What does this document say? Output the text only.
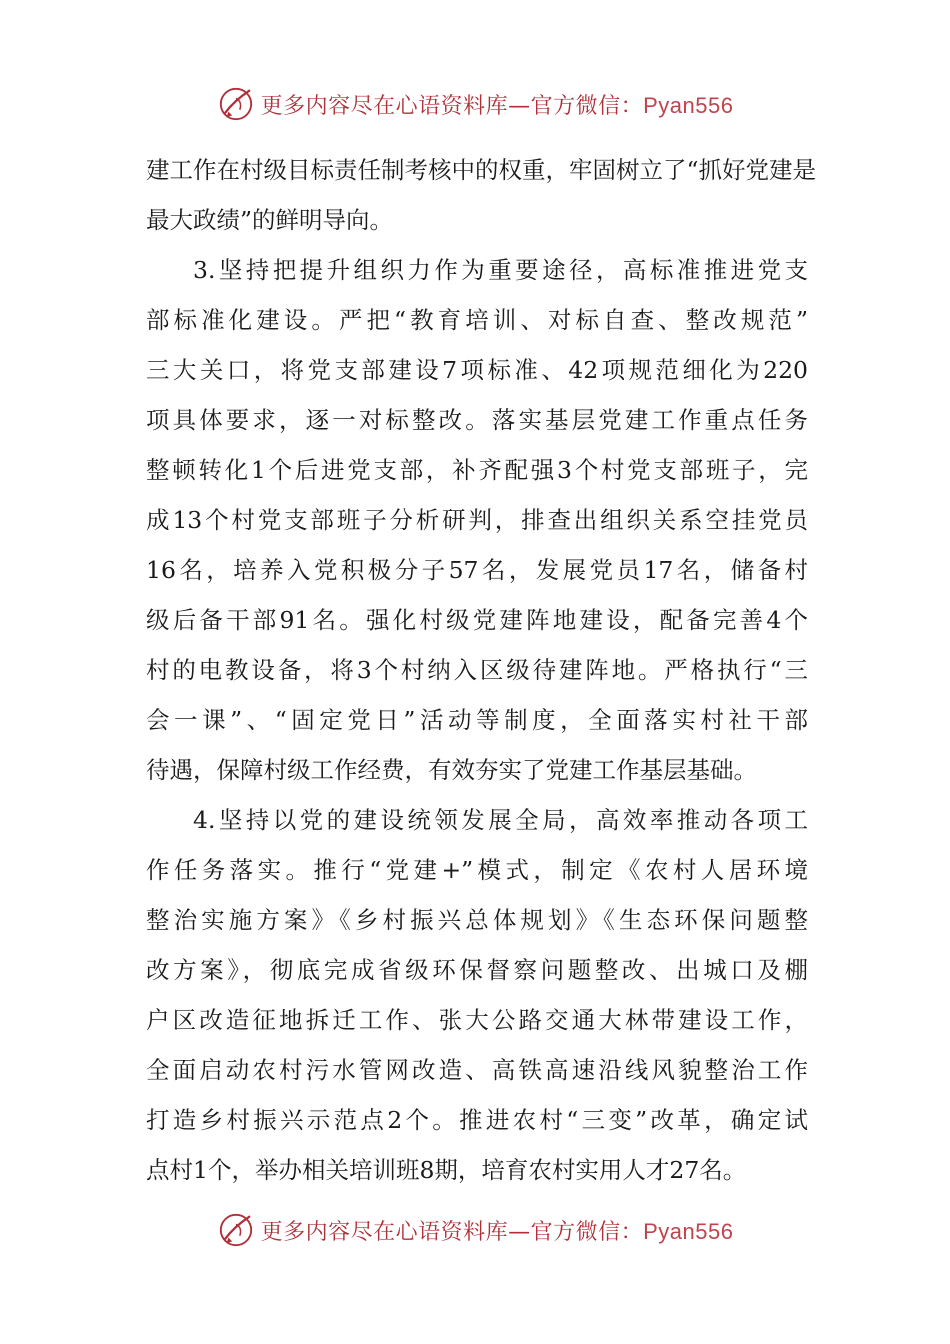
更多内容尽在心语资料库—官方微信：Pyan556
建工作在村级目标责任制考核中的权重，牢固树立了“抓好党建是
最大政绩”的鲜明导向。
3.坚持把提升组织力作为重要途径，高标准推进党支
部标准化建设。严把“教育培训、对标自查、整改规范”
三大关口，将党支部建设7项标准、42项规范细化为220
项具体要求，逐一对标整改。落实基层党建工作重点任务
整顿转化1个后进党支部，补齐配强3个村党支部班子，完
成13个村党支部班子分析研判，排查出组织关系空挂党员
16名，培养入党积极分子57名，发展党员17名，储备村
级后备干部91名。强化村级党建阵地建设，配备完善4个
村的电教设备，将3个村纳入区级待建阵地。严格执行“三
会一课”、“固定党日”活动等制度，全面落实村社干部
待遇，保障村级工作经费，有效夯实了党建工作基层基础。
4.坚持以党的建设统领发展全局，高效率推动各项工
作任务落实。推行“党建+”模式，制定《农村人居环境
整治实施方案》《乡村振兴总体规划》《生态环保问题整
改方案》，彻底完成省级环保督察问题整改、出城口及棚
户区改造征地拆迁工作、张大公路交通大林带建设工作，
全面启动农村污水管网改造、高铁高速沿线风貌整治工作
打造乡村振兴示范点2个。推进农村“三变”改革，确定试
点村1个，举办相关培训班8期，培育农村实用人才27名。
更多内容尽在心语资料库—官方微信：Pyan556
